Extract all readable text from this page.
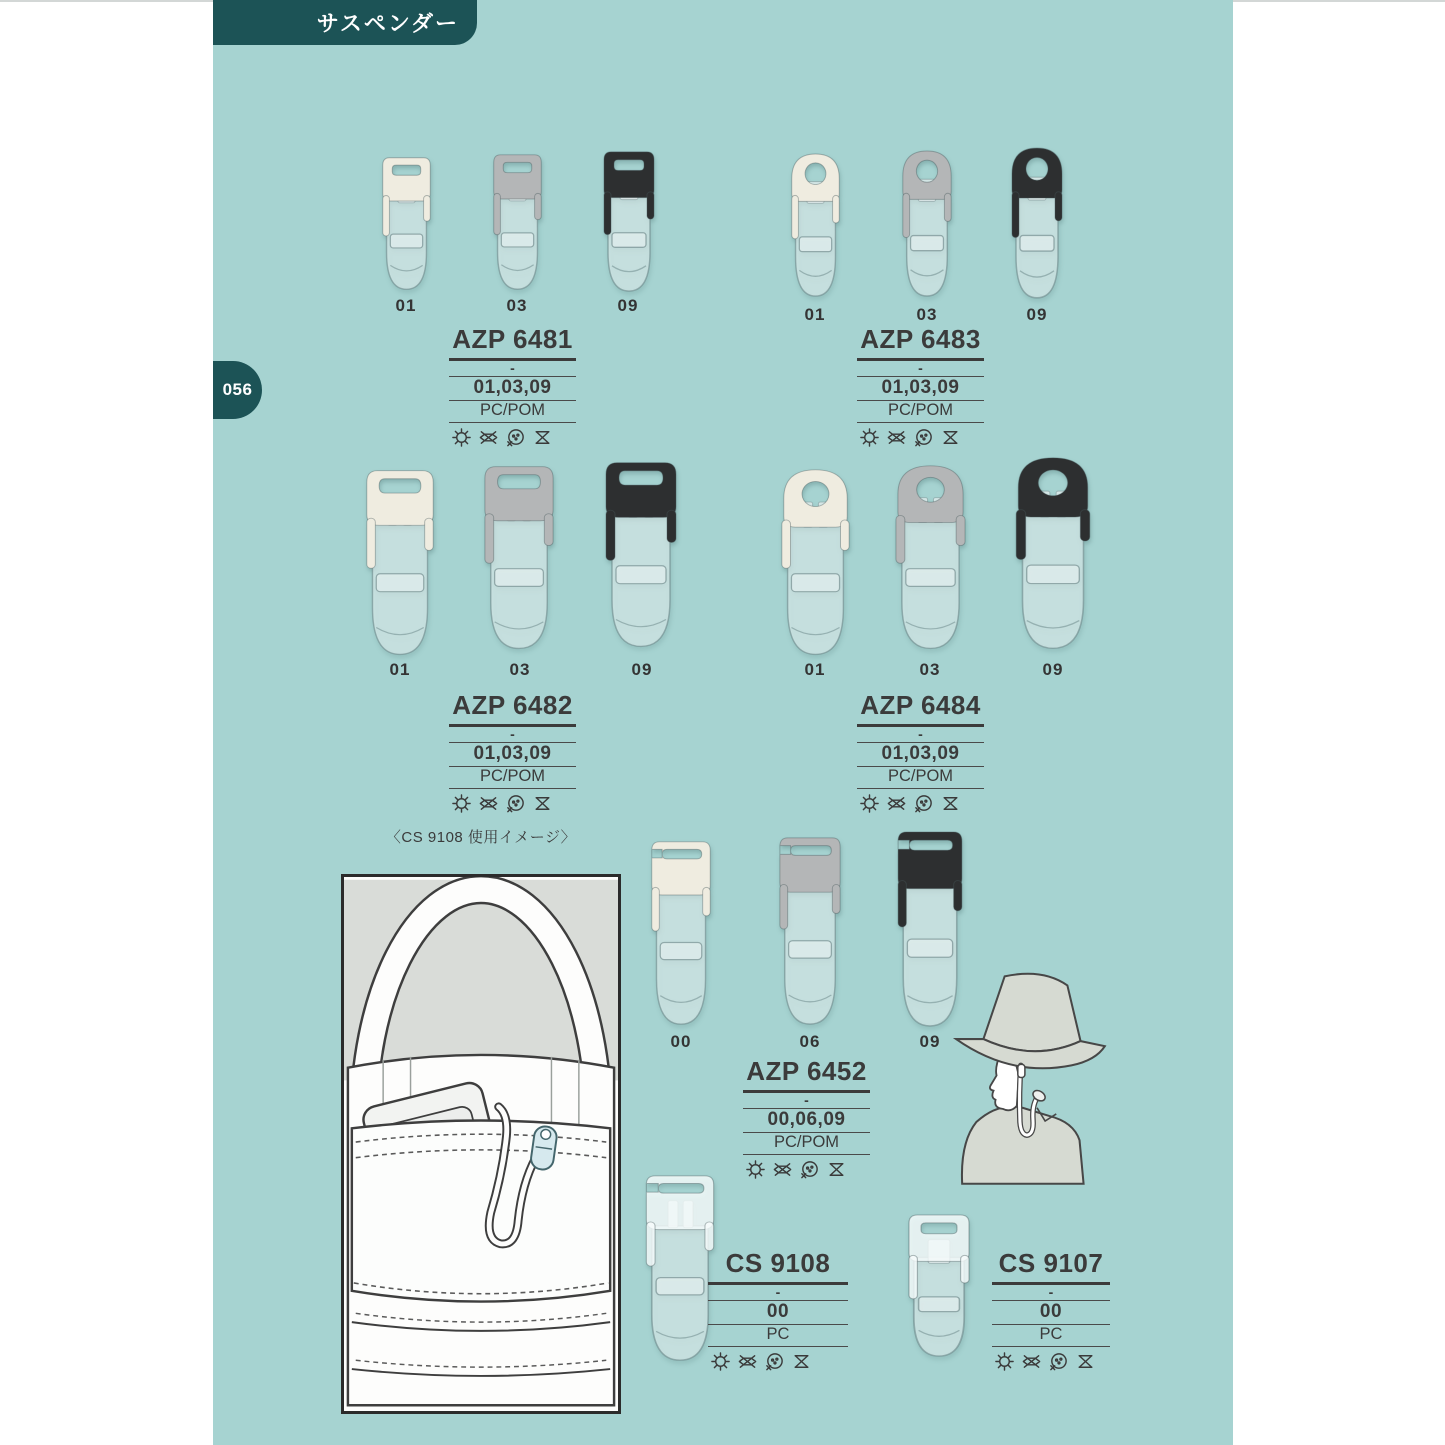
サスペンダー
056
01	03	09
AZP 6481
-
01,03,09
PC/POM
01	03	09
AZP 6483
-
01,03,09
PC/POM
01	03	09
AZP 6482
-
01,03,09
PC/POM
01	03	09
AZP 6484
-
01,03,09
PC/POM
〈CS 9108 使用イメージ〉
00	06	09
AZP 6452
-
00,06,09
PC/POM
CS 9108
-
00
PC
CS 9107
-
00
PC
